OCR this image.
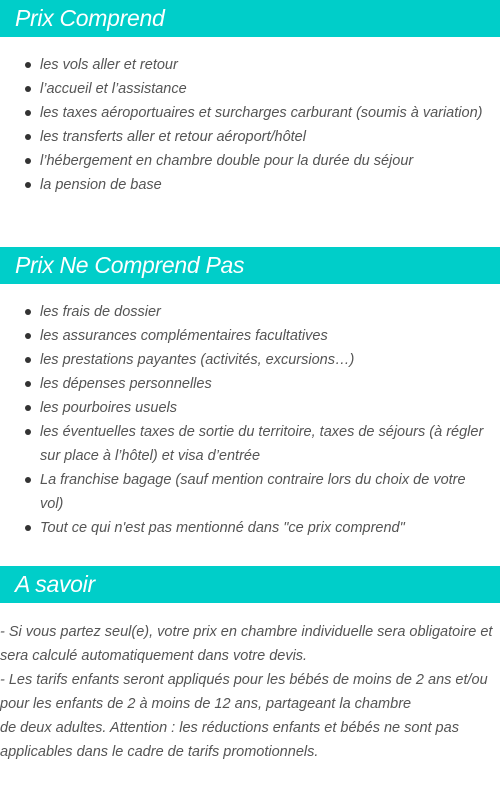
Prix Comprend
les vols aller et retour
l’accueil et l’assistance
les taxes aéroportuaires et surcharges carburant (soumis à variation)
les transferts aller et retour aéroport/hôtel
l’hébergement en chambre double pour la durée du séjour
la pension de base
Prix Ne Comprend Pas
les frais de dossier
les assurances complémentaires facultatives
les prestations payantes (activités, excursions…)
les dépenses personnelles
les pourboires usuels
les éventuelles taxes de sortie du territoire, taxes de séjours (à régler sur place à l’hôtel) et visa d’entrée
La franchise bagage (sauf mention contraire lors du choix de votre vol)
Tout ce qui n'est pas mentionné dans "ce prix comprend"
A savoir

- Si vous partez seul(e), votre prix en chambre individuelle sera obligatoire et sera calculé automatiquement dans votre devis.

- Les tarifs enfants seront appliqués pour les bébés de moins de 2 ans et/ou pour les enfants de 2 à moins de 12 ans, partageant la chambre

de deux adultes. Attention : les réductions enfants et bébés ne sont pas applicables dans le cadre de tarifs promotionnels.
